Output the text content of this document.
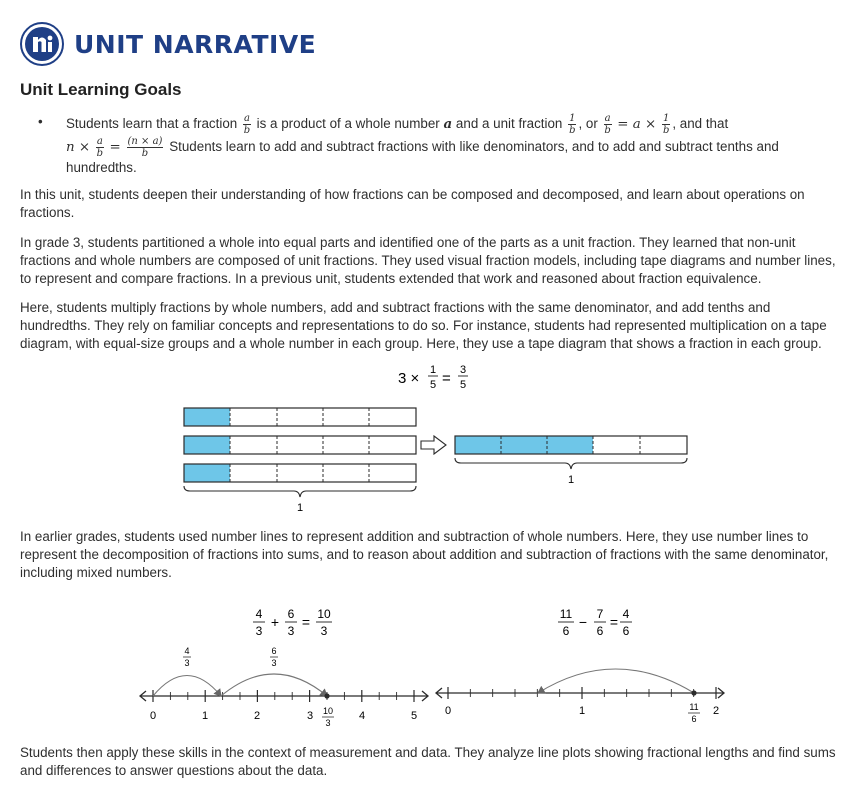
UNIT NARRATIVE
Unit Learning Goals
• Students learn that a fraction $\frac{a}{b}$ is a product of a whole number a and a unit fraction $\frac{1}{b}$ , or $\frac{a}{b} = a \times \frac{1}{b}$ , and that
$n \times \frac{a}{b} = \frac{(n \times a)}{b}$ Students learn to add and subtract fractions with like denominators, and to add and subtract tenths and
hundredths.
In this unit, students deepen their understanding of how fractions can be composed and decomposed, and learn about operations on fractions.
In grade 3, students partitioned a whole into equal parts and identified one of the parts as a unit fraction. They learned that non-unit fractions and whole numbers are composed of unit fractions. They used visual fraction models, including tape diagrams and number lines, to represent and compare fractions. In a previous unit, students extended that work and reasoned about fraction equivalence.
Here, students multiply fractions by whole numbers, add and subtract fractions with the same denominator, and add tenths and hundredths. They rely on familiar concepts and representations to do so. For instance, students had represented multiplication on a tape diagram, with equal-size groups and a whole number in each group. Here, they use a tape diagram that shows a fraction in each group.
3 × 1
5 = 3
5
1
1
In earlier grades, students used number lines to represent addition and subtraction of whole numbers. Here, they use number lines to represent the decomposition of fractions into sums, and to reason about addition and subtraction of fractions with the same denominator, including mixed numbers.
4
3
+ 6
3
= 10
3
4
3
6
3
0	1	2	3	4	5
10
3
11
6
− 7
6
= 4
6
0	1	2
11
6
Students then apply these skills in the context of measurement and data. They analyze line plots showing fractional lengths and find sums and differences to answer questions about the data.
